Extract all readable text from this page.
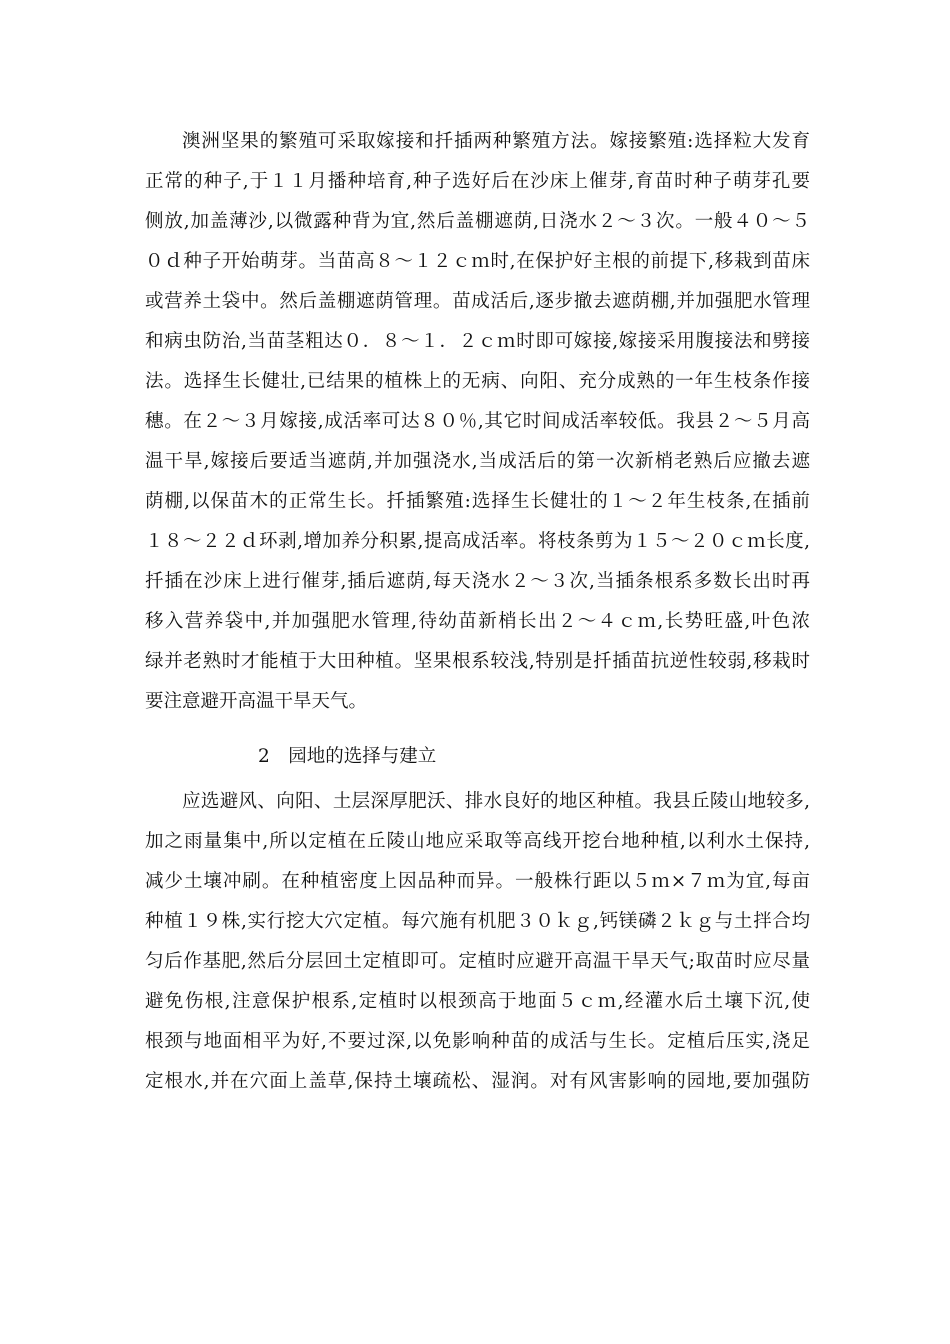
澳洲坚果的繁殖可采取嫁接和扦插两种繁殖方法。嫁接繁殖:选择粒大发育
正常的种子,于１１月播种培育,种子选好后在沙床上催芽,育苗时种子萌芽孔要
侧放,加盖薄沙,以微露种背为宜,然后盖棚遮荫,日浇水２～３次。一般４０～５
０ｄ种子开始萌芽。当苗高８～１２ｃｍ时,在保护好主根的前提下,移栽到苗床
或营养土袋中。然后盖棚遮荫管理。苗成活后,逐步撤去遮荫棚,并加强肥水管理
和病虫防治,当苗茎粗达０．８～１．２ｃｍ时即可嫁接,嫁接采用腹接法和劈接
法。选择生长健壮,已结果的植株上的无病、向阳、充分成熟的一年生枝条作接
穗。在２～３月嫁接,成活率可达８０％,其它时间成活率较低。我县２～５月高
温干旱,嫁接后要适当遮荫,并加强浇水,当成活后的第一次新梢老熟后应撤去遮
荫棚,以保苗木的正常生长。扦插繁殖:选择生长健壮的１～２年生枝条,在插前
１８～２２ｄ环剥,增加养分积累,提高成活率。将枝条剪为１５～２０ｃｍ长度,
扦插在沙床上进行催芽,插后遮荫,每天浇水２～３次,当插条根系多数长出时再
移入营养袋中,并加强肥水管理,待幼苗新梢长出２～４ｃｍ,长势旺盛,叶色浓
绿并老熟时才能植于大田种植。坚果根系较浅,特别是扦插苗抗逆性较弱,移栽时
要注意避开高温干旱天气。
2　园地的选择与建立
应选避风、向阳、土层深厚肥沃、排水良好的地区种植。我县丘陵山地较多,
加之雨量集中,所以定植在丘陵山地应采取等高线开挖台地种植,以利水土保持,
减少土壤冲刷。在种植密度上因品种而异。一般株行距以５ｍ×７ｍ为宜,每亩
种植１９株,实行挖大穴定植。每穴施有机肥３０ｋｇ,钙镁磷２ｋｇ与土拌合均
匀后作基肥,然后分层回土定植即可。定植时应避开高温干旱天气;取苗时应尽量
避免伤根,注意保护根系,定植时以根颈高于地面５ｃｍ,经灌水后土壤下沉,使
根颈与地面相平为好,不要过深,以免影响种苗的成活与生长。定植后压实,浇足
定根水,并在穴面上盖草,保持土壤疏松、湿润。对有风害影响的园地,要加强防
